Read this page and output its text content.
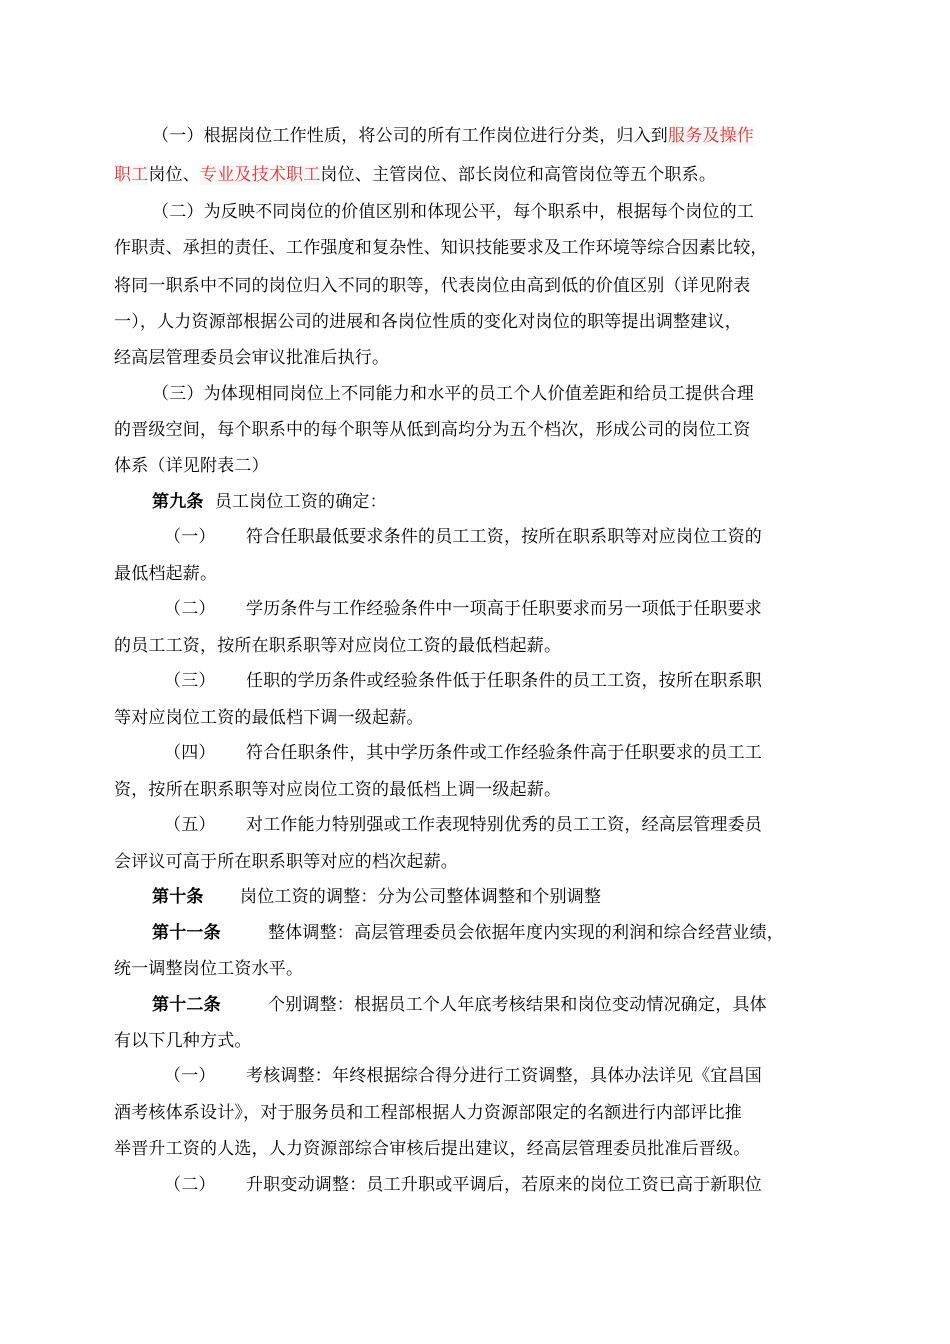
（一）根据岗位工作性质，将公司的所有工作岗位进行分类，归入到服务及操作
职工岗位、专业及技术职工岗位、主管岗位、部长岗位和高管岗位等五个职系。
（二）为反映不同岗位的价值区别和体现公平，每个职系中，根据每个岗位的工
作职责、承担的责任、工作强度和复杂性、知识技能要求及工作环境等综合因素比较，
将同一职系中不同的岗位归入不同的职等，代表岗位由高到低的价值区别（详见附表
一），人力资源部根据公司的进展和各岗位性质的变化对岗位的职等提出调整建议，
经高层管理委员会审议批准后执行。
（三）为体现相同岗位上不同能力和水平的员工个人价值差距和给员工提供合理
的晋级空间，每个职系中的每个职等从低到高均分为五个档次，形成公司的岗位工资
体系（详见附表二）
第九条 员工岗位工资的确定：
（一） 符合任职最低要求条件的员工工资，按所在职系职等对应岗位工资的
最低档起薪。
（二） 学历条件与工作经验条件中一项高于任职要求而另一项低于任职要求
的员工工资，按所在职系职等对应岗位工资的最低档起薪。
（三） 任职的学历条件或经验条件低于任职条件的员工工资，按所在职系职
等对应岗位工资的最低档下调一级起薪。
（四） 符合任职条件，其中学历条件或工作经验条件高于任职要求的员工工
资，按所在职系职等对应岗位工资的最低档上调一级起薪。
（五） 对工作能力特别强或工作表现特别优秀的员工工资，经高层管理委员
会评议可高于所在职系职等对应的档次起薪。
第十条 岗位工资的调整：分为公司整体调整和个别调整
第十一条	整体调整：高层管理委员会依据年度内实现的利润和综合经营业绩，
统一调整岗位工资水平。
第十二条	个别调整：根据员工个人年底考核结果和岗位变动情况确定，具体
有以下几种方式。
（一） 考核调整：年终根据综合得分进行工资调整，具体办法详见《宜昌国
酒考核体系设计》，对于服务员和工程部根据人力资源部限定的名额进行内部评比推
举晋升工资的人选，人力资源部综合审核后提出建议，经高层管理委员批准后晋级。
（二） 升职变动调整：员工升职或平调后，若原来的岗位工资已高于新职位
